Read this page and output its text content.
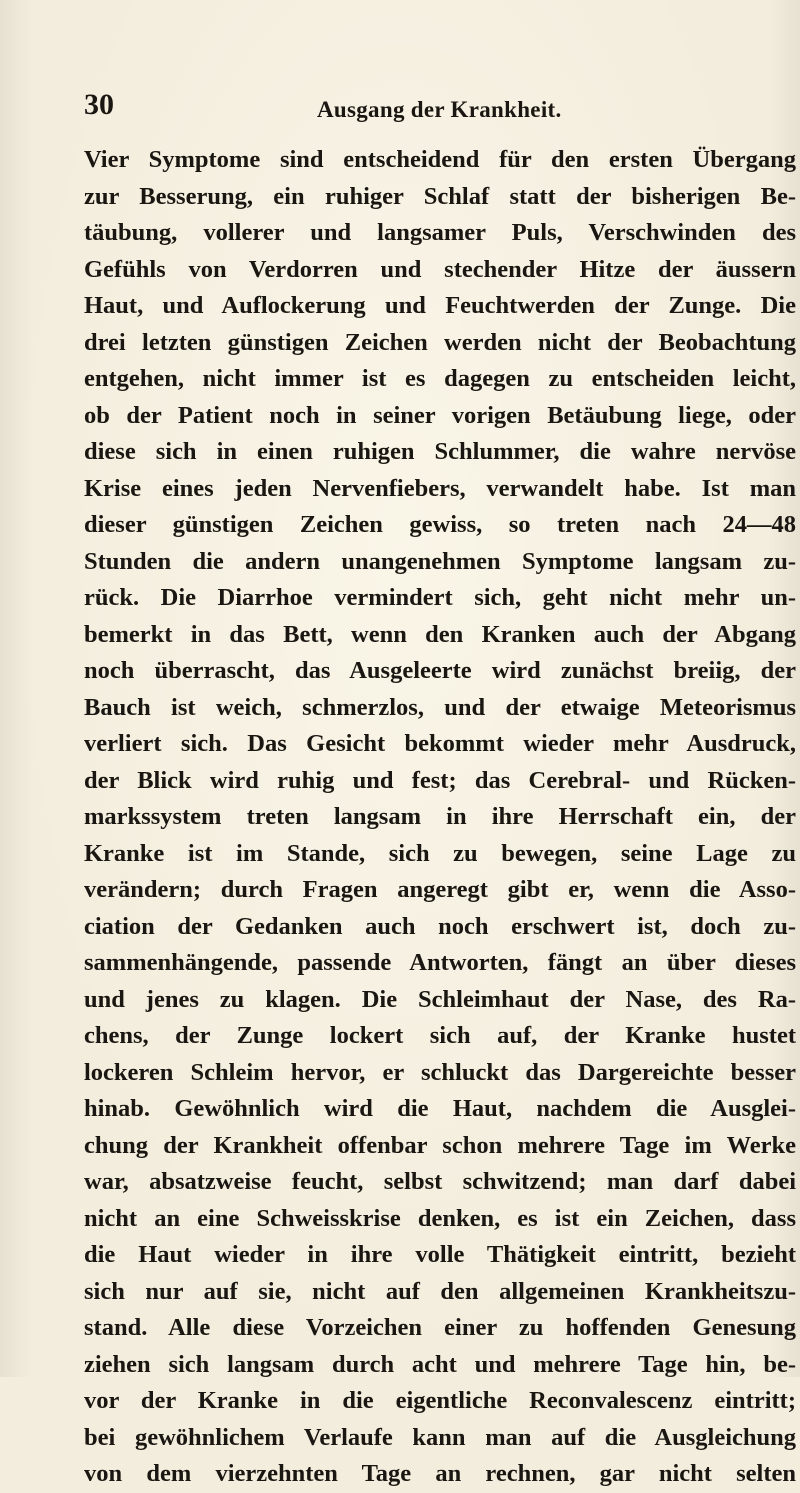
30	Ausgang der Krankheit.
Vier Symptome sind entscheidend für den ersten Übergang
zur Besserung, ein ruhiger Schlaf statt der bisherigen Be-
täubung, vollerer und langsamer Puls, Verschwinden des
Gefühls von Verdorren und stechender Hitze der äussern
Haut, und Auflockerung und Feuchtwerden der Zunge. Die
drei letzten günstigen Zeichen werden nicht der Beobachtung
entgehen, nicht immer ist es dagegen zu entscheiden leicht,
ob der Patient noch in seiner vorigen Betäubung liege, oder
diese sich in einen ruhigen Schlummer, die wahre nervöse
Krise eines jeden Nervenfiebers, verwandelt habe. Ist man
dieser günstigen Zeichen gewiss, so treten nach 24—48
Stunden die andern unangenehmen Symptome langsam zu-
rück. Die Diarrhoe vermindert sich, geht nicht mehr un-
bemerkt in das Bett, wenn den Kranken auch der Abgang
noch überrascht, das Ausgeleerte wird zunächst breiig, der
Bauch ist weich, schmerzlos, und der etwaige Meteorismus
verliert sich. Das Gesicht bekommt wieder mehr Ausdruck,
der Blick wird ruhig und fest; das Cerebral- und Rücken-
markssystem treten langsam in ihre Herrschaft ein, der
Kranke ist im Stande, sich zu bewegen, seine Lage zu
verändern; durch Fragen angeregt gibt er, wenn die Asso-
ciation der Gedanken auch noch erschwert ist, doch zu-
sammenhängende, passende Antworten, fängt an über dieses
und jenes zu klagen. Die Schleimhaut der Nase, des Ra-
chens, der Zunge lockert sich auf, der Kranke hustet
lockeren Schleim hervor, er schluckt das Dargereichte besser
hinab. Gewöhnlich wird die Haut, nachdem die Ausglei-
chung der Krankheit offenbar schon mehrere Tage im Werke
war, absatzweise feucht, selbst schwitzend; man darf dabei
nicht an eine Schweisskrise denken, es ist ein Zeichen, dass
die Haut wieder in ihre volle Thätigkeit eintritt, bezieht
sich nur auf sie, nicht auf den allgemeinen Krankheitszu-
stand. Alle diese Vorzeichen einer zu hoffenden Genesung
ziehen sich langsam durch acht und mehrere Tage hin, be-
vor der Kranke in die eigentliche Reconvalescenz eintritt;
bei gewöhnlichem Verlaufe kann man auf die Ausgleichung
von dem vierzehnten Tage an rechnen, gar nicht selten
